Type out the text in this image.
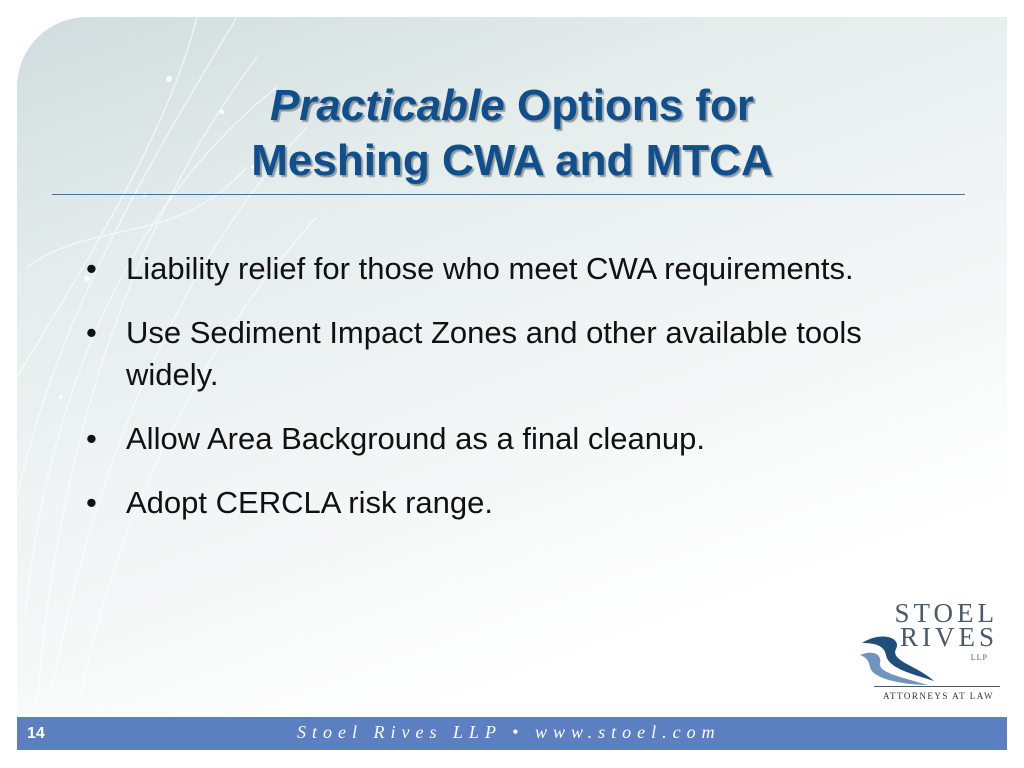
Practicable Options for
Meshing CWA and MTCA
• Liability relief for those who meet CWA requirements.
• Use Sediment Impact Zones and other available tools widely.
• Allow Area Background as a final cleanup.
• Adopt CERCLA risk range.
STOEL
RIVES
LLP
ATTORNEYS AT LAW
14	Stoel Rives LLP • www.stoel.com
